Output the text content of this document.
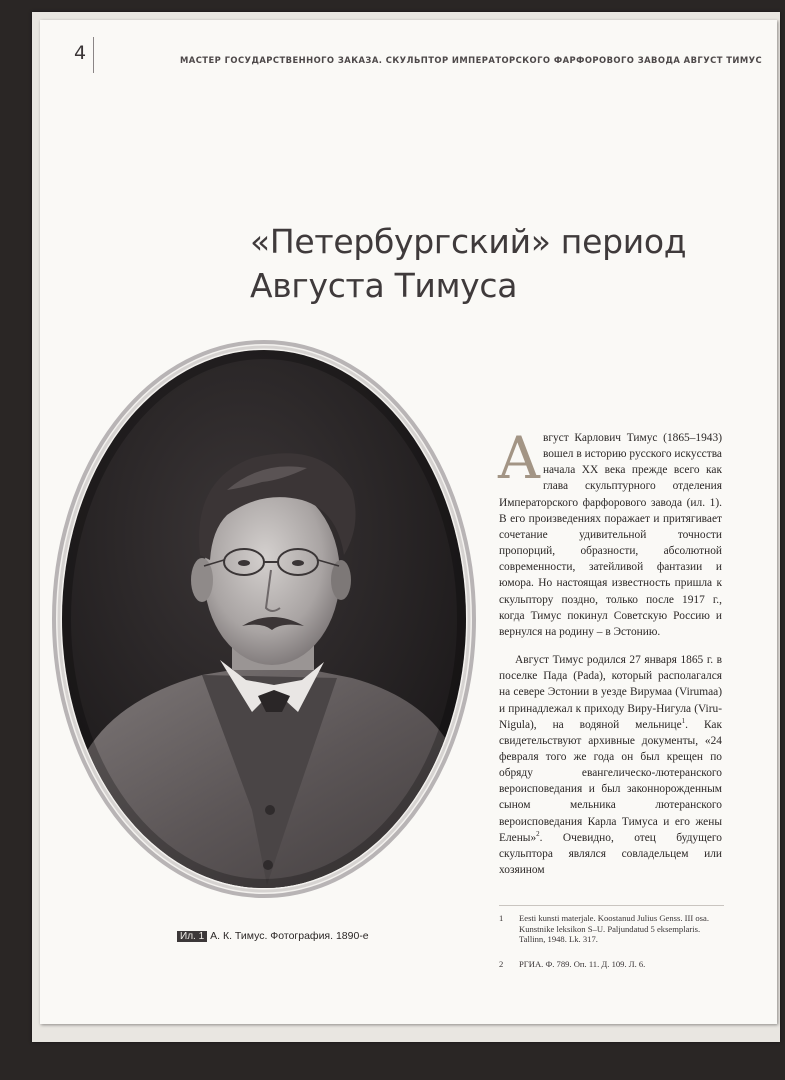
4	МАСТЕР ГОСУДАРСТВЕННОГО ЗАКАЗА. СКУЛЬПТОР ИМПЕРАТОРСКОГО ФАРФОРОВОГО ЗАВОДА АВГУСТ ТИМУС
«Петербургский» период
Августа Тимуса
Ил. 1 А. К. Тимус. Фотография. 1890-е

Август Карлович Тимус (1865–1943) вошел в историю русского искусства начала XX века прежде всего как глава скульптурного отделения Императорского фарфорового завода (ил. 1). В его произведениях поражает и притягивает сочетание удивительной точности пропорций, образности, абсолютной современности, затейливой фантазии и юмора. Но настоящая известность пришла к скульптору поздно, только после 1917 г., когда Тимус покинул Советскую Россию и вернулся на родину – в Эстонию.

Август Тимус родился 27 января 1865 г. в поселке Пада (Pada), который располагался на севере Эстонии в уезде Вирумаа (Virumaa) и принадлежал к приходу Виру-Нигула (Viru-Nigula), на водяной мельнице$^1$. Как свидетельствуют архивные документы, «24 февраля того же года он был крещен по обряду евангелическо-лютеранского вероисповедания и был законнорожденным сыном мельника лютеранского вероисповедания Карла Тимуса и его жены Елены»$^2$. Очевидно, отец будущего скульптора являлся совладельцем или хозяином

1	Eesti kunsti materjale. Koostanud Julius Genss. III osa. Kunstnike leksikon S–U. Paljundatud 5 eksemplaris. Tallinn, 1948. Lk. 317.
2	РГИА. Ф. 789. Оп. 11. Д. 109. Л. 6.
